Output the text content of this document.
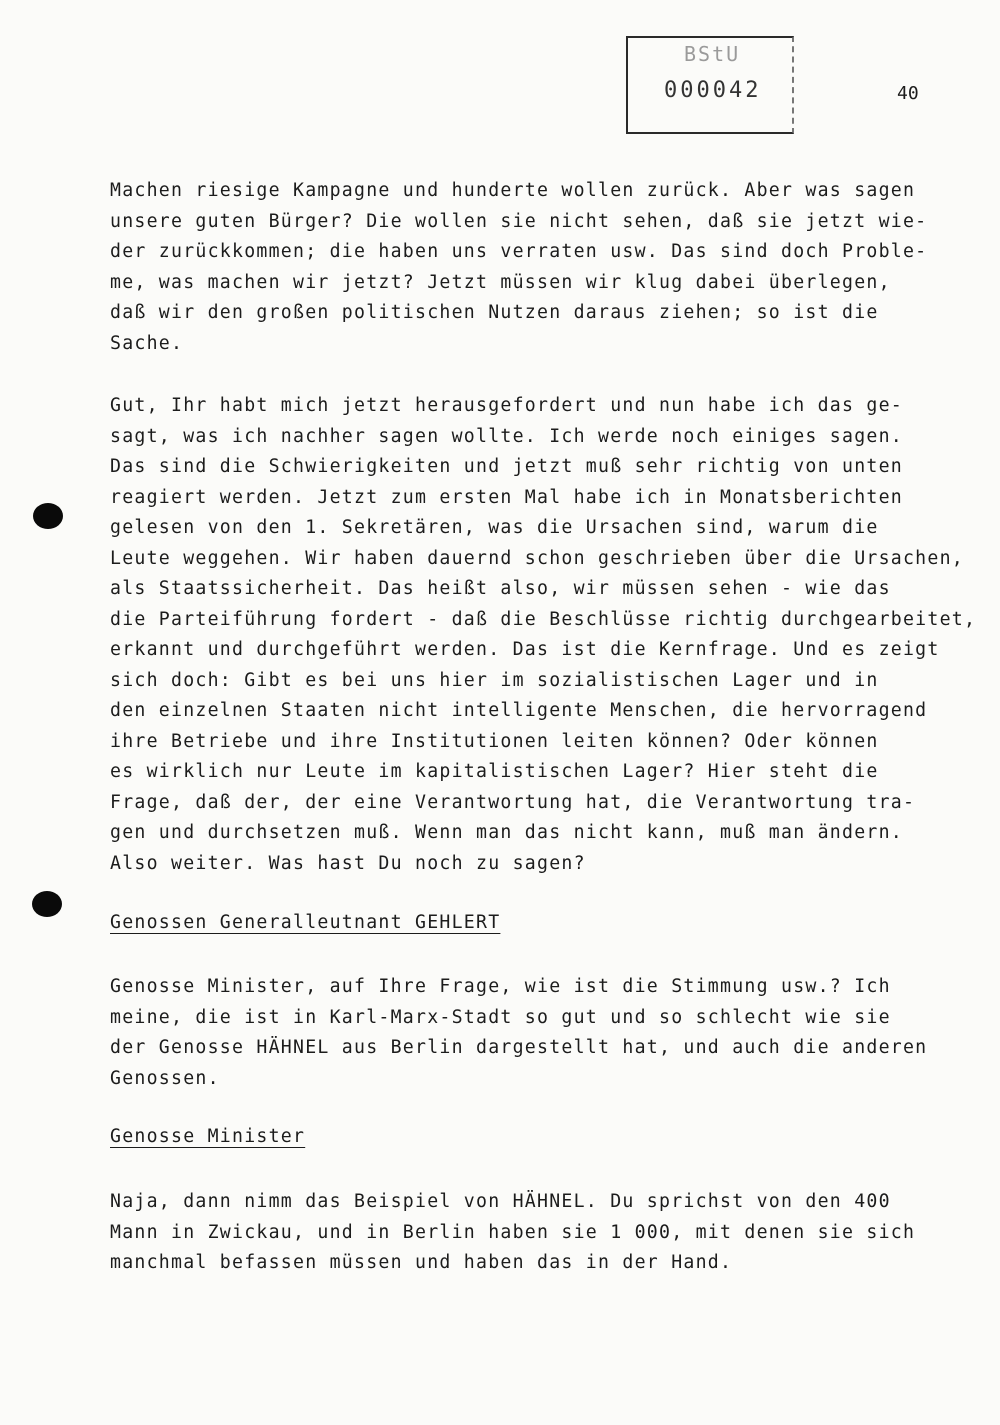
BStU
000042	40

Machen riesige Kampagne und hunderte wollen zurück. Aber was sagen
unsere guten Bürger? Die wollen sie nicht sehen, daß sie jetzt wie-
der zurückkommen; die haben uns verraten usw. Das sind doch Proble-
me, was machen wir jetzt? Jetzt müssen wir klug dabei überlegen,
daß wir den großen politischen Nutzen daraus ziehen; so ist die
Sache.

Gut, Ihr habt mich jetzt herausgefordert und nun habe ich das ge-
sagt, was ich nachher sagen wollte. Ich werde noch einiges sagen.
Das sind die Schwierigkeiten und jetzt muß sehr richtig von unten
reagiert werden. Jetzt zum ersten Mal habe ich in Monatsberichten
gelesen von den 1. Sekretären, was die Ursachen sind, warum die
Leute weggehen. Wir haben dauernd schon geschrieben über die Ursachen,
als Staatssicherheit. Das heißt also, wir müssen sehen - wie das
die Parteiführung fordert - daß die Beschlüsse richtig durchgearbeitet,
erkannt und durchgeführt werden. Das ist die Kernfrage. Und es zeigt
sich doch: Gibt es bei uns hier im sozialistischen Lager und in
den einzelnen Staaten nicht intelligente Menschen, die hervorragend
ihre Betriebe und ihre Institutionen leiten können? Oder können
es wirklich nur Leute im kapitalistischen Lager? Hier steht die
Frage, daß der, der eine Verantwortung hat, die Verantwortung tra-
gen und durchsetzen muß. Wenn man das nicht kann, muß man ändern.
Also weiter. Was hast Du noch zu sagen?

Genossen Generalleutnant GEHLERT

Genosse Minister, auf Ihre Frage, wie ist die Stimmung usw.? Ich
meine, die ist in Karl-Marx-Stadt so gut und so schlecht wie sie
der Genosse HÄHNEL aus Berlin dargestellt hat, und auch die anderen
Genossen.

Genosse Minister

Naja, dann nimm das Beispiel von HÄHNEL. Du sprichst von den 400
Mann in Zwickau, und in Berlin haben sie 1 000, mit denen sie sich
manchmal befassen müssen und haben das in der Hand.
